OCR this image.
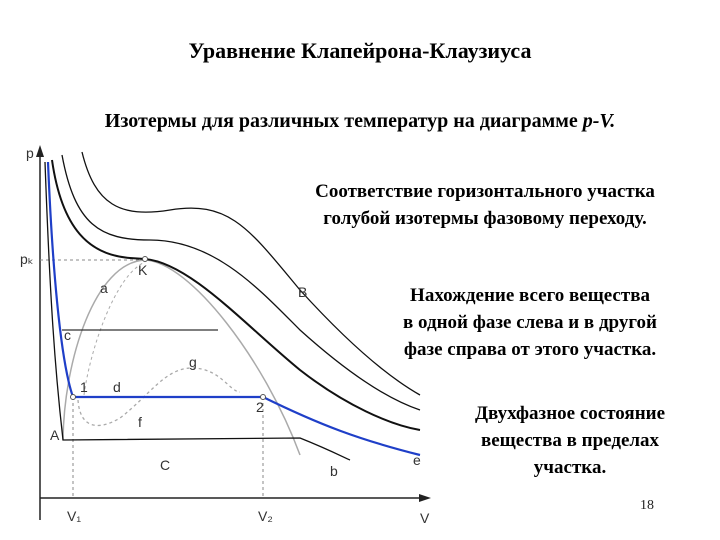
Уравнение Клапейрона-Клаузиуса
Изотермы для различных температур на диаграмме p-V.
p
pₖ
V
V₁	V₂
K
a	B
c
g
1 d
2
f
A
C	b
e
Соответствие горизонтального участка
голубой изотермы фазовому переходу.
Нахождение всего вещества
в одной фазе слева и в другой
фазе справа от этого участка.
Двухфазное состояние
вещества в пределах
участка.
18
